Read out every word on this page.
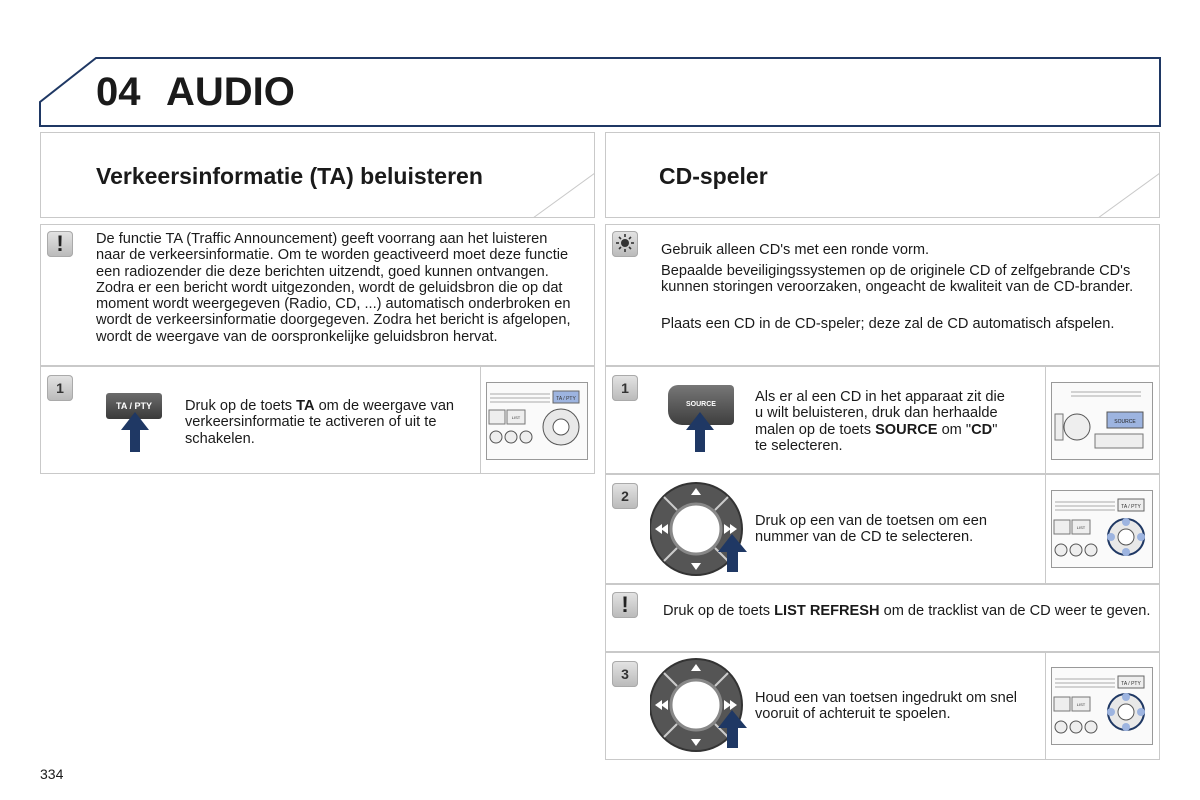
04 AUDIO
Verkeersinformatie (TA) beluisteren
!	De functie TA (Traffic Announcement) geeft voorrang aan het luisteren naar de verkeersinformatie. Om te worden geactiveerd moet deze functie een radiozender die deze berichten uitzendt, goed kunnen ontvangen. Zodra er een bericht wordt uitgezonden, wordt de geluidsbron die op dat moment wordt weergegeven (Radio, CD, ...) automatisch onderbroken en wordt de verkeersinformatie doorgegeven. Zodra het bericht is afgelopen, wordt de weergave van de oorspronkelijke geluidsbron hervat.
1
TA / PTY	Druk op de toets TA om de weergave van verkeersinformatie te activeren of uit te schakelen.
TA / PTY
LIST
CD-speler
Gebruik alleen CD's met een ronde vorm.
Bepaalde beveiligingssystemen op de originele CD of zelfgebrande CD's kunnen storingen veroorzaken, ongeacht de kwaliteit van de CD-brander.
Plaats een CD in de CD-speler; deze zal de CD automatisch afspelen.
1
SOURCE	Als er al een CD in het apparaat zit die u wilt beluisteren, druk dan herhaalde malen op de toets SOURCE om "CD" te selecteren.
SOURCE
2
Druk op een van de toetsen om een nummer van de CD te selecteren.
TA / PTY
LIST
!	Druk op de toets LIST REFRESH om de tracklist van de CD weer te geven.
3
Houd een van toetsen ingedrukt om snel vooruit of achteruit te spoelen.
TA / PTY
LIST
334
